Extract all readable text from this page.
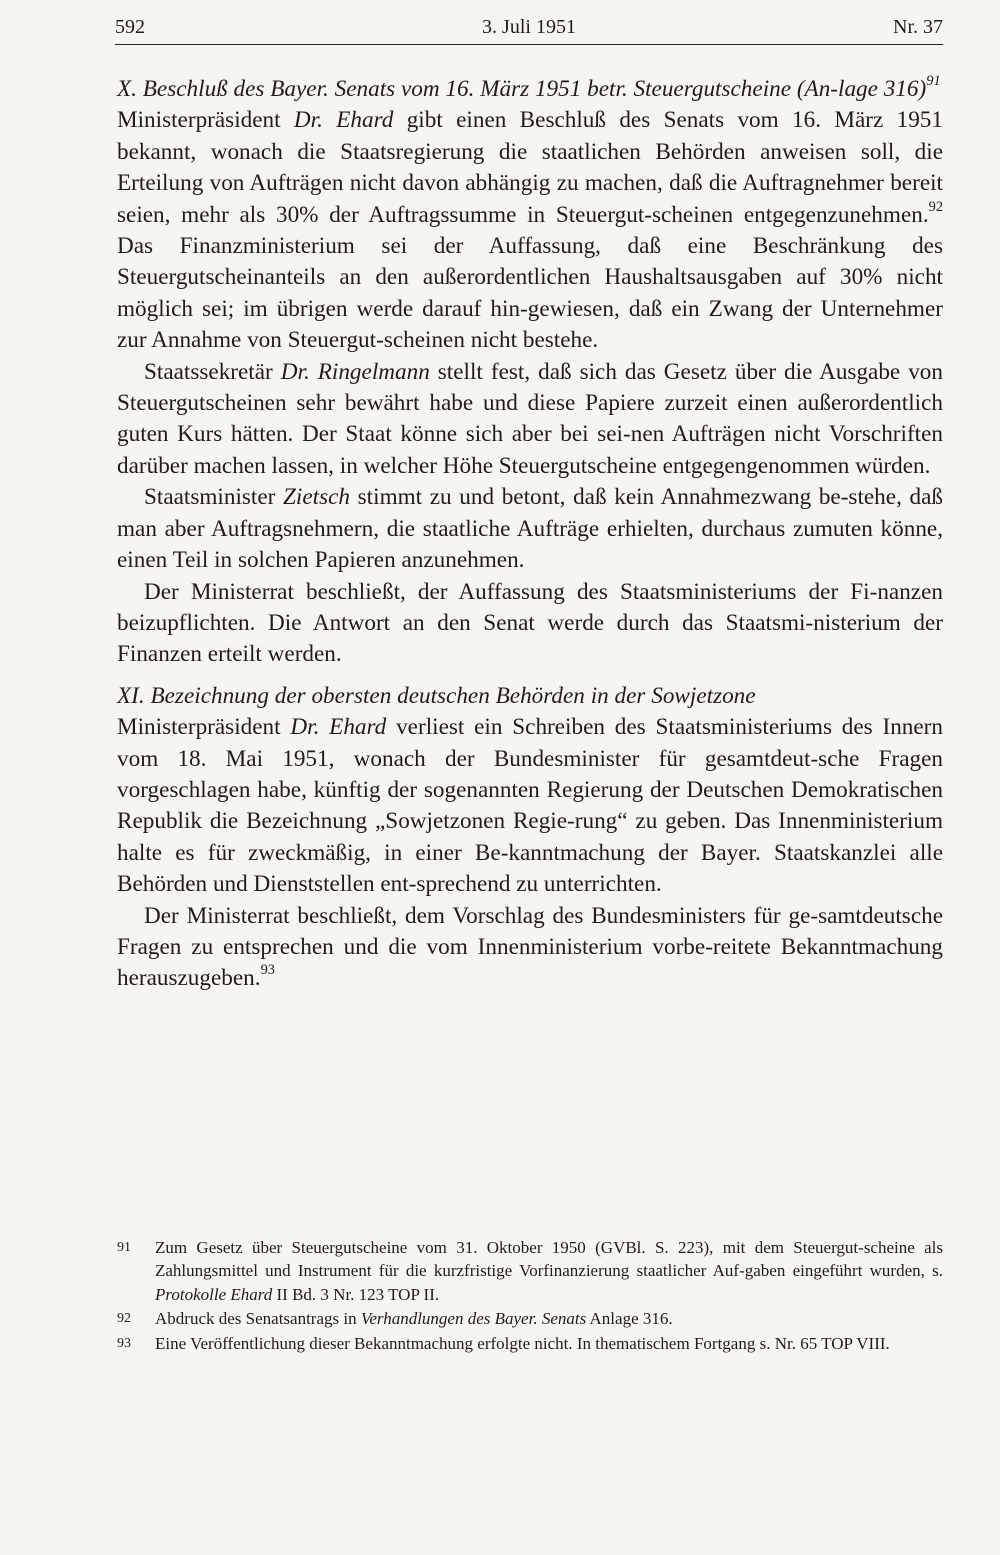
592	3. Juli 1951	Nr. 37

X. Beschluß des Bayer. Senats vom 16. März 1951 betr. Steuergutscheine (An-lage 316)$^{91}$

Ministerpräsident Dr. Ehard gibt einen Beschluß des Senats vom 16. März 1951 bekannt, wonach die Staatsregierung die staatlichen Behörden anweisen soll, die Erteilung von Aufträgen nicht davon abhängig zu machen, daß die Auftragnehmer bereit seien, mehr als 30% der Auftragssumme in Steuergut-scheinen entgegenzunehmen.$^{92}$ Das Finanzministerium sei der Auffassung, daß eine Beschränkung des Steuergutscheinanteils an den außerordentlichen Haushaltsausgaben auf 30% nicht möglich sei; im übrigen werde darauf hin-gewiesen, daß ein Zwang der Unternehmer zur Annahme von Steuergut-scheinen nicht bestehe.

Staatssekretär Dr. Ringelmann stellt fest, daß sich das Gesetz über die Ausgabe von Steuergutscheinen sehr bewährt habe und diese Papiere zurzeit einen außerordentlich guten Kurs hätten. Der Staat könne sich aber bei sei-nen Aufträgen nicht Vorschriften darüber machen lassen, in welcher Höhe Steuergutscheine entgegengenommen würden.

Staatsminister Zietsch stimmt zu und betont, daß kein Annahmezwang be-stehe, daß man aber Auftragsnehmern, die staatliche Aufträge erhielten, durchaus zumuten könne, einen Teil in solchen Papieren anzunehmen.

Der Ministerrat beschließt, der Auffassung des Staatsministeriums der Fi-nanzen beizupflichten. Die Antwort an den Senat werde durch das Staatsmi-nisterium der Finanzen erteilt werden.

XI. Bezeichnung der obersten deutschen Behörden in der Sowjetzone

Ministerpräsident Dr. Ehard verliest ein Schreiben des Staatsministeriums des Innern vom 18. Mai 1951, wonach der Bundesminister für gesamtdeut-sche Fragen vorgeschlagen habe, künftig der sogenannten Regierung der Deutschen Demokratischen Republik die Bezeichnung „Sowjetzonen Regie-rung“ zu geben. Das Innenministerium halte es für zweckmäßig, in einer Be-kanntmachung der Bayer. Staatskanzlei alle Behörden und Dienststellen ent-sprechend zu unterrichten.

Der Ministerrat beschließt, dem Vorschlag des Bundesministers für ge-samtdeutsche Fragen zu entsprechen und die vom Innenministerium vorbe-reitete Bekanntmachung herauszugeben.$^{93}$

91 Zum Gesetz über Steuergutscheine vom 31. Oktober 1950 (GVBl. S. 223), mit dem Steuergut-scheine als Zahlungsmittel und Instrument für die kurzfristige Vorfinanzierung staatlicher Auf-gaben eingeführt wurden, s. Protokolle Ehard II Bd. 3 Nr. 123 TOP II.
92 Abdruck des Senatsantrags in Verhandlungen des Bayer. Senats Anlage 316.
93 Eine Veröffentlichung dieser Bekanntmachung erfolgte nicht. In thematischem Fortgang s. Nr. 65 TOP VIII.
